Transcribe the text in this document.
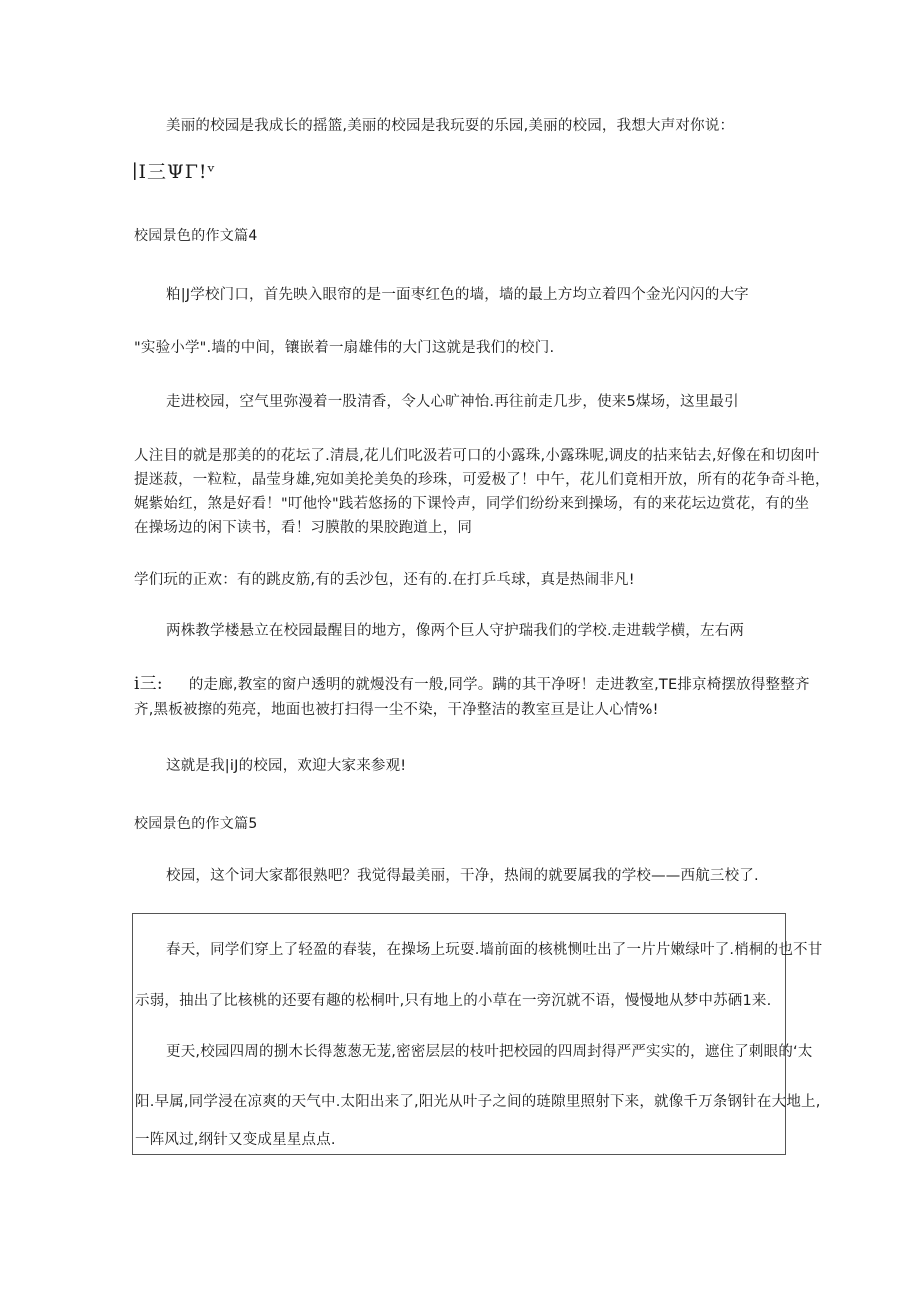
美丽的校园是我成长的摇篮,美丽的校园是我玩耍的乐园,美丽的校园，我想大声对你说：
∣I三ΨΓ!ᵛ
校园景色的作文篇4
粕|J学校门口，首先映入眼帘的是一面枣红色的墙，墙的最上方均立着四个金光闪闪的大字
"实验小学".墙的中间，镶嵌着一扇雄伟的大门这就是我们的校门.
走进校园，空气里弥漫着一股清香，令人心旷神怡.再往前走几步，使来5煤场，这里最引
人注目的就是那美的的花坛了.清晨,花儿们叱汲若可口的小露珠,小露珠呢,调皮的拈来钻去,好像在和切囱叶
提迷菽，一粒粒，晶莹身雄,宛如美抡美奂的珍珠，可爱极了！中午，花儿们竟相开放，所有的花争奇斗艳，
娓紫始红，煞是好看！"叮他怜"践若悠扬的下课怜声，同学们纷纷来到操场，有的来花坛边赏花，有的坐
在操场边的闲下读书，看！习膜散的果胶跑道上，同
学们玩的正欢：有的跳皮筋,有的丢沙包，还有的.在打乒乓球，真是热闹非凡!
两株教学楼悬立在校园最醒目的地方，像两个巨人守护瑞我们的学校.走进载学横，左右两
i三: 的走廊,教室的窗户透明的就熳没有一般,同学。蹒的其干净呀！走进教室,TE排京椅摆放得整整齐
齐,黑板被擦的苑亮，地面也被打扫得一尘不染，干净整洁的教室亘是让人心情%!
这就是我|iJ的校园，欢迎大家来参观!
校园景色的作文篇5
校园，这个词大家都很熟吧？我觉得最美丽，干净，热闹的就要属我的学校——西航三校了.
春天，同学们穿上了轻盈的春装，在操场上玩耍.墙前面的核桃恻吐出了一片片嫩绿叶了.梢桐的也不甘
示弱，抽出了比核桃的还要有趣的松桐叶,只有地上的小草在一旁沉就不语，慢慢地从梦中苏硒1来.
更天,校园四周的捌木长得葱葱无茏,密密层层的枝叶把校园的四周封得严严实实的，遮住了刺眼的‘太
阳.早属,同学浸在凉爽的天气中.太阳出来了,阳光从叶子之间的琏隙里照射下来，就像千万条钢针在大地上,
一阵风过,纲针又变成星星点点.
